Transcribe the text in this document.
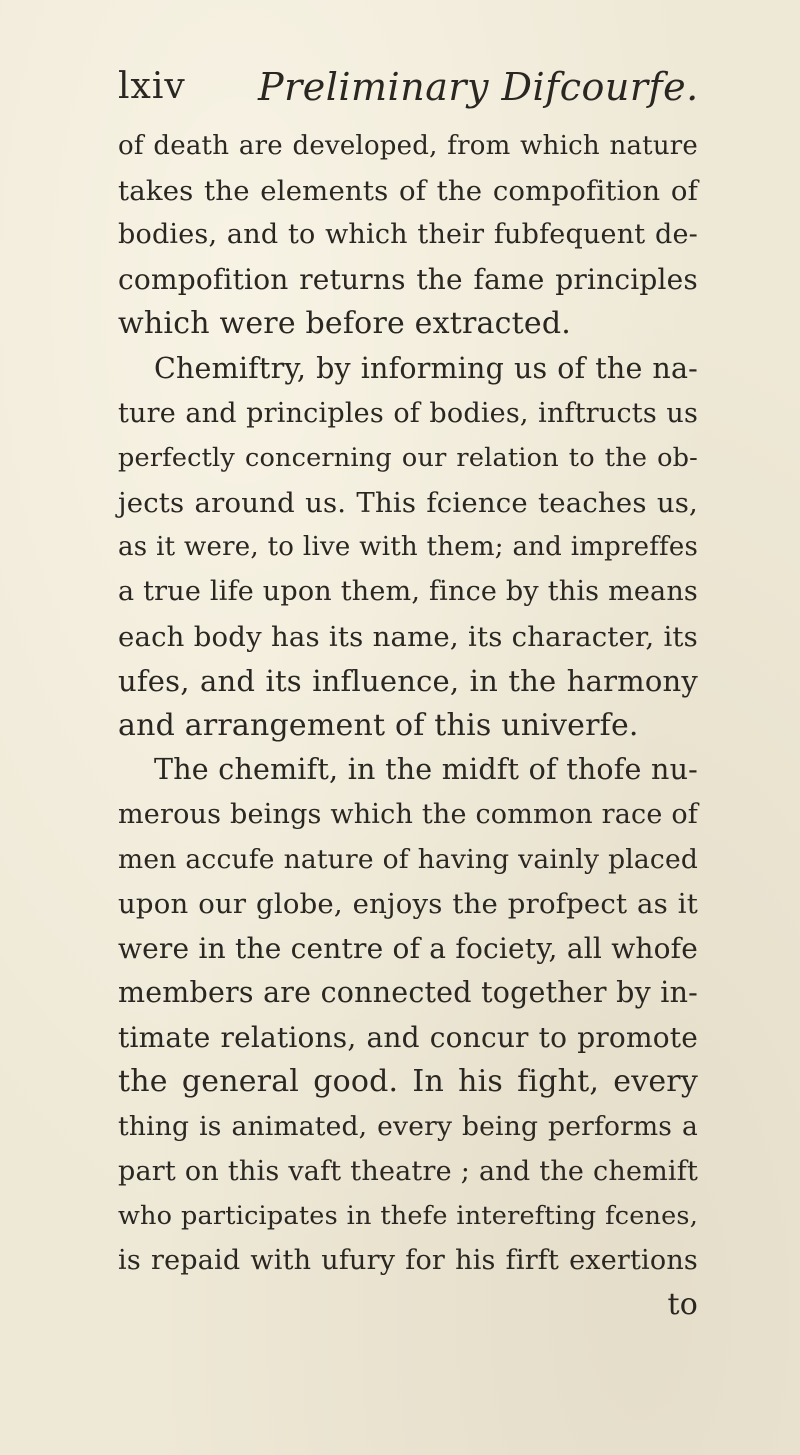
lxiv Preliminary Difcourfe.
of death are developed, from which nature
takes the elements of the compofition of
bodies, and to which their fubfequent de-
compofition returns the fame principles
which were before extracted.
Chemiftry, by informing us of the na-
ture and principles of bodies, inftructs us
perfectly concerning our relation to the ob-
jects around us. This fcience teaches us,
as it were, to live with them; and impreffes
a true life upon them, fince by this means
each body has its name, its character, its
ufes, and its influence, in the harmony
and arrangement of this univerfe.
The chemift, in the midft of thofe nu-
merous beings which the common race of
men accufe nature of having vainly placed
upon our globe, enjoys the profpect as it
were in the centre of a fociety, all whofe
members are connected together by in-
timate relations, and concur to promote
the general good. In his fight, every
thing is animated, every being performs a
part on this vaft theatre ; and the chemift
who participates in thefe interefting fcenes,
is repaid with ufury for his firft exertions
to
